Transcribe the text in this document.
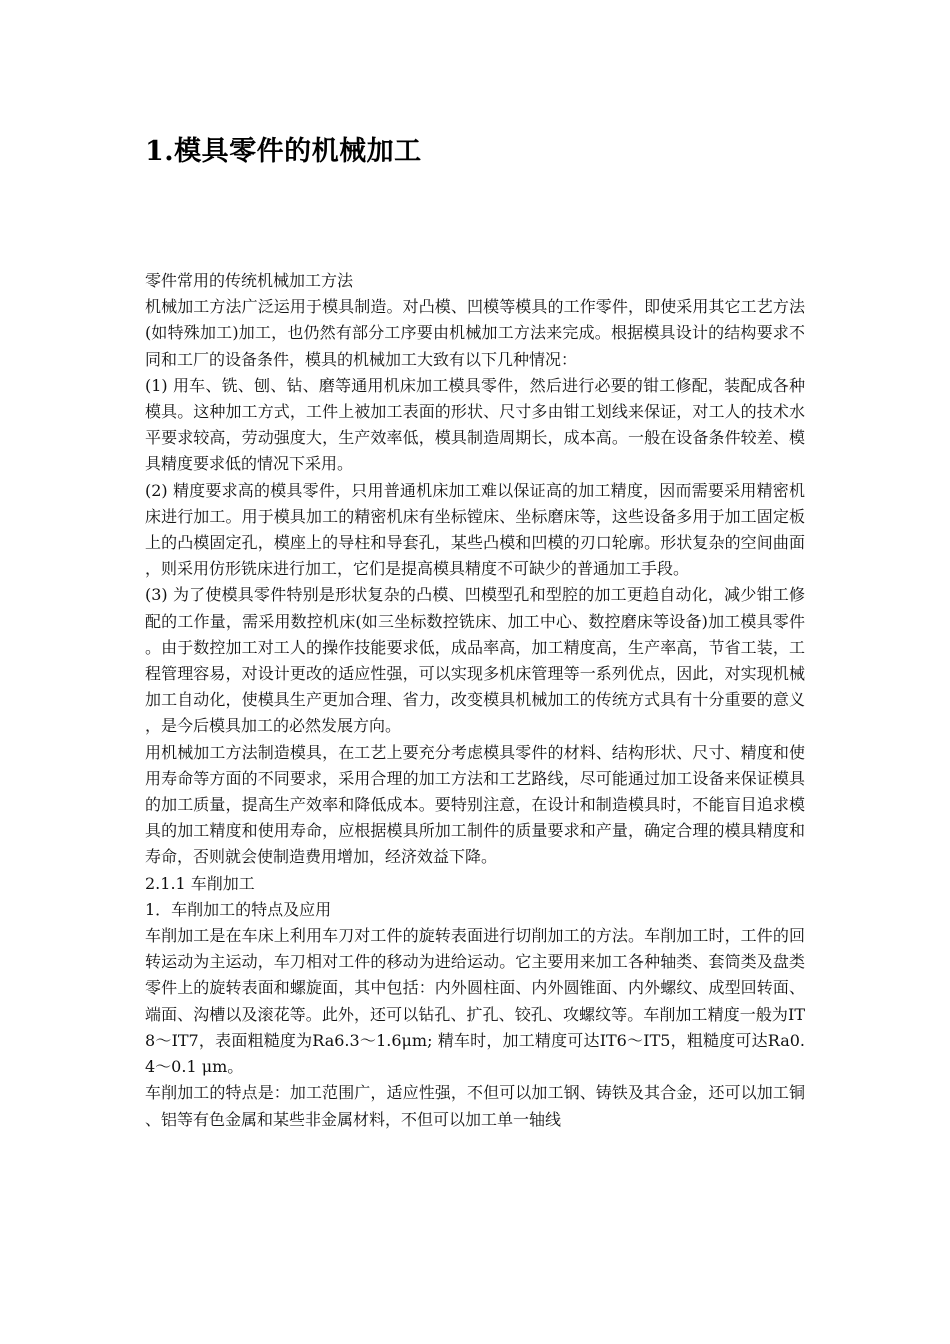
1.模具零件的机械加工

零件常用的传统机械加工方法

机械加工方法广泛运用于模具制造。对凸模、凹模等模具的工作零件，即使采用其它工艺方法(如特殊加工)加工，也仍然有部分工序要由机械加工方法来完成。根据模具设计的结构要求不同和工厂的设备条件，模具的机械加工大致有以下几种情况：

(1) 用车、铣、刨、钻、磨等通用机床加工模具零件，然后进行必要的钳工修配，装配成各种模具。这种加工方式，工件上被加工表面的形状、尺寸多由钳工划线来保证，对工人的技术水平要求较高，劳动强度大，生产效率低，模具制造周期长，成本高。一般在设备条件较差、模具精度要求低的情况下采用。

(2) 精度要求高的模具零件，只用普通机床加工难以保证高的加工精度，因而需要采用精密机床进行加工。用于模具加工的精密机床有坐标镗床、坐标磨床等，这些设备多用于加工固定板上的凸模固定孔，模座上的导柱和导套孔，某些凸模和凹模的刃口轮廓。形状复杂的空间曲面，则采用仿形铣床进行加工，它们是提高模具精度不可缺少的普通加工手段。

(3) 为了使模具零件特别是形状复杂的凸模、凹模型孔和型腔的加工更趋自动化，减少钳工修配的工作量，需采用数控机床(如三坐标数控铣床、加工中心、数控磨床等设备)加工模具零件。由于数控加工对工人的操作技能要求低，成品率高，加工精度高，生产率高，节省工装，工程管理容易，对设计更改的适应性强，可以实现多机床管理等一系列优点，因此，对实现机械加工自动化，使模具生产更加合理、省力，改变模具机械加工的传统方式具有十分重要的意义，是今后模具加工的必然发展方向。

用机械加工方法制造模具，在工艺上要充分考虑模具零件的材料、结构形状、尺寸、精度和使用寿命等方面的不同要求，采用合理的加工方法和工艺路线，尽可能通过加工设备来保证模具的加工质量，提高生产效率和降低成本。要特别注意，在设计和制造模具时，不能盲目追求模具的加工精度和使用寿命，应根据模具所加工制件的质量要求和产量，确定合理的模具精度和寿命，否则就会使制造费用增加，经济效益下降。

2.1.1 车削加工

1．车削加工的特点及应用

车削加工是在车床上利用车刀对工件的旋转表面进行切削加工的方法。车削加工时，工件的回转运动为主运动，车刀相对工件的移动为进给运动。它主要用来加工各种轴类、套筒类及盘类零件上的旋转表面和螺旋面，其中包括：内外圆柱面、内外圆锥面、内外螺纹、成型回转面、端面、沟槽以及滚花等。此外，还可以钻孔、扩孔、铰孔、攻螺纹等。车削加工精度一般为IT8～IT7，表面粗糙度为Ra6.3～1.6μm; 精车时，加工精度可达IT6～IT5，粗糙度可达Ra0.4～0.1 μm。

车削加工的特点是：加工范围广，适应性强，不但可以加工钢、铸铁及其合金，还可以加工铜、铝等有色金属和某些非金属材料，不但可以加工单一轴线
